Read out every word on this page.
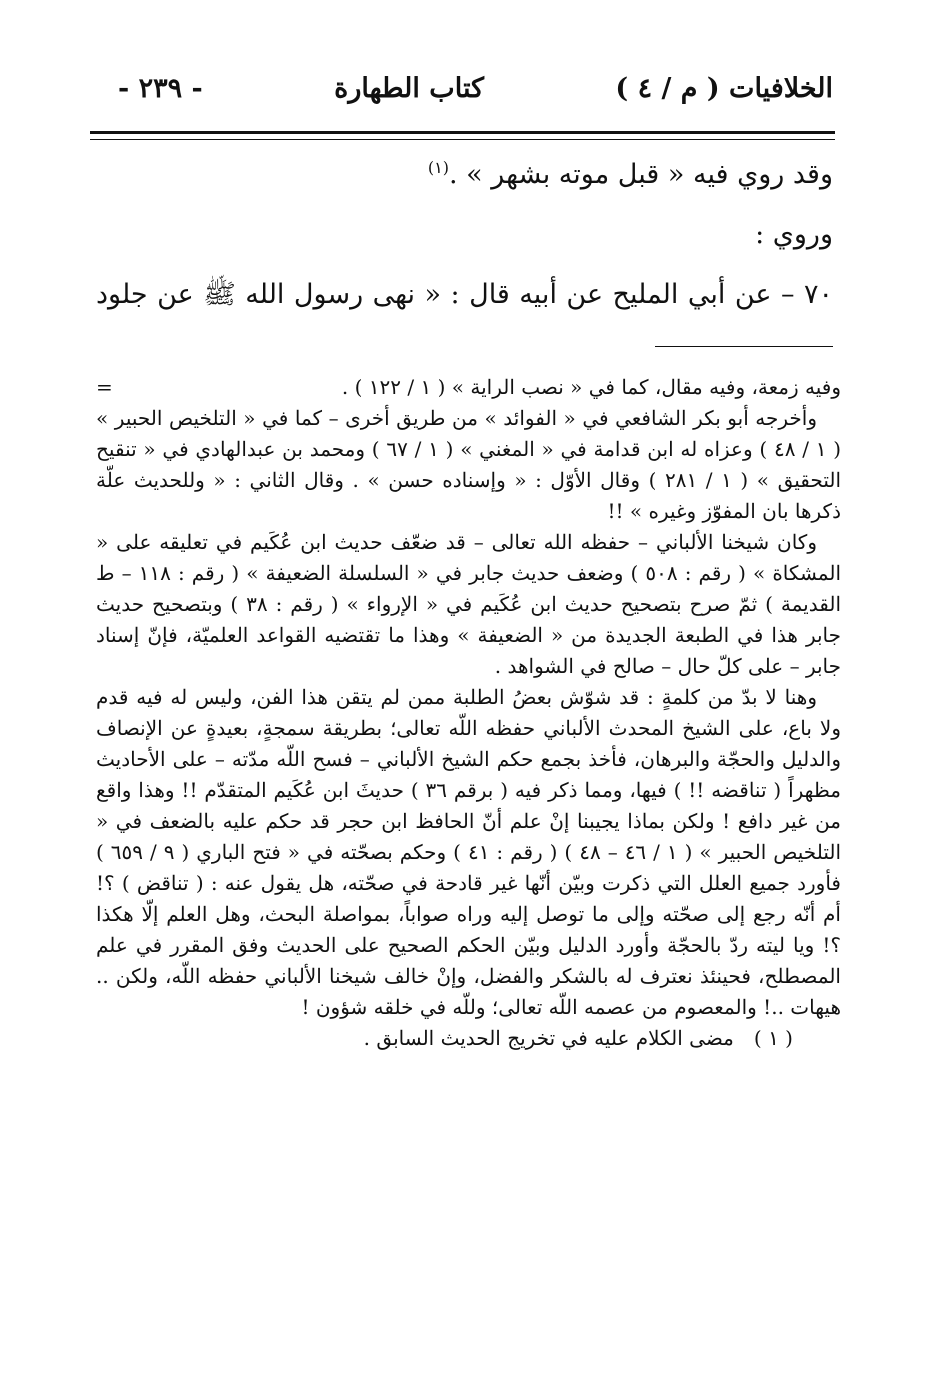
الخلافيات ( م / ٤ )
كتاب الطهارة
- ٢٣٩ -

وقد روي فيه « قبل موته بشهر » .$^{(١)}$

وروي :

٧٠ – عن أبي المليح عن أبيه قال : « نهى رسول الله ﷺ عن جلود

وفيه زمعة، وفيه مقال، كما في « نصب الراية » ( ١ / ١٢٢ ) .
=

وأخرجه أبو بكر الشافعي في « الفوائد » من طريق أخرى – كما في « التلخيص الحبير » ( ١ / ٤٨ ) وعزاه له ابن قدامة في « المغني » ( ١ / ٦٧ ) ومحمد بن عبدالهادي في « تنقيح التحقيق » ( ١ / ٢٨١ ) وقال الأوّل : « وإسناده حسن » . وقال الثاني : « وللحديث علّة ذكرها بان المفوّز وغيره » !!

وكان شيخنا الألباني – حفظه الله تعالى – قد ضعّف حديث ابن عُكَيم في تعليقه على « المشكاة » ( رقم : ٥٠٨ ) وضعف حديث جابر في « السلسلة الضعيفة » ( رقم : ١١٨ – ط القديمة ) ثمّ صرح بتصحيح حديث ابن عُكَيم في « الإرواء » ( رقم : ٣٨ ) وبتصحيح حديث جابر هذا في الطبعة الجديدة من « الضعيفة » وهذا ما تقتضيه القواعد العلميّة، فإنّ إسناد جابر – على كلّ حال – صالح في الشواهد .

وهنا لا بدّ من كلمةٍ : قد شوّش بعضُ الطلبة ممن لم يتقن هذا الفن، وليس له فيه قدم ولا باع، على الشيخ المحدث الألباني حفظه اللّه تعالى؛ بطريقة سمجةٍ، بعيدةٍ عن الإنصاف والدليل والحجّة والبرهان، فأخذ بجمع حكم الشيخ الألباني – فسح اللّه مدّته – على الأحاديث مظهراً ( تناقضه !! ) فيها، ومما ذكر فيه ( برقم ٣٦ ) حديثَ ابن عُكَيم المتقدّم !! وهذا واقع من غير دافع ! ولكن بماذا يجيبنا إنْ علم أنّ الحافظ ابن حجر قد حكم عليه بالضعف في « التلخيص الحبير » ( ١ / ٤٦ – ٤٨ ) ( رقم : ٤١ ) وحكم بصحّته في « فتح الباري ( ٩ / ٦٥٩ ) فأورد جميع العلل التي ذكرت وبيّن أنّها غير قادحة في صحّته، هل يقول عنه : ( تناقض ) ؟! أم أنّه رجع إلى صحّته وإلى ما توصل إليه وراه صواباً، بمواصلة البحث، وهل العلم إلّا هكذا ؟! ويا ليته ردّ بالحجّة وأورد الدليل وبيّن الحكم الصحيح على الحديث وفق المقرر في علم المصطلح، فحينئذ نعترف له بالشكر والفضل، وإنْ خالف شيخنا الألباني حفظه اللّه، ولكن .. هيهات ..! والمعصوم من عصمه اللّه تعالى؛ وللّه في خلقه شؤون !

( ١ )مضى الكلام عليه في تخريج الحديث السابق .
